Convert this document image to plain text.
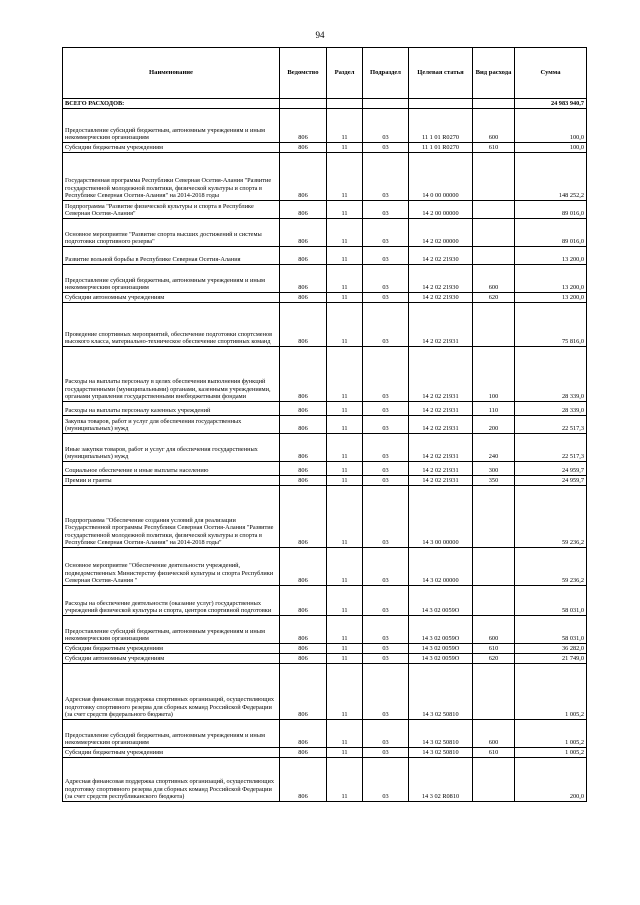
94
Наименование	Ведомство	Раздел	Подраздел	Целевая статья	Вид расхода	Сумма
ВСЕГО РАСХОДОВ:						24 983 940,7
Предоставление субсидий бюджетным, автономным учреждениям и иным некоммерческим организациям	806	11	03	11 1 01 R0270	600	100,0
Субсидии бюджетным учреждениям	806	11	03	11 1 01 R0270	610	100,0
Государственная программа Республики Северная Осетия-Алания "Развитие государственной молодежной политики, физической культуры и спорта в Республике Северная Осетия-Алания" на 2014-2018 годы	806	11	03	14 0 00 00000		148 252,2
Подпрограмма "Развитие физической культуры и спорта в Республике Северная Осетия-Алания"	806	11	03	14 2 00 00000		89 016,0
Основное мероприятие "Развитие спорта высших достижений и системы подготовки спортивного резерва"	806	11	03	14 2 02 00000		89 016,0
Развитие вольной борьбы в Республике Северная Осетия-Алания	806	11	03	14 2 02 21930		13 200,0
Предоставление субсидий бюджетным, автономным учреждениям и иным некоммерческим организациям	806	11	03	14 2 02 21930	600	13 200,0
Субсидии автономным учреждениям	806	11	03	14 2 02 21930	620	13 200,0
Проведение спортивных мероприятий, обеспечение подготовки спортсменов высокого класса, материально-техническое обеспечение спортивных команд	806	11	03	14 2 02 21931		75 816,0
Расходы на выплаты персоналу в целях обеспечения выполнения функций государственными (муниципальными) органами, казенными учреждениями, органами управления государственными внебюджетными фондами	806	11	03	14 2 02 21931	100	28 339,0
Расходы на выплаты персоналу казенных учреждений	806	11	03	14 2 02 21931	110	28 339,0
Закупка товаров, работ и услуг для обеспечения государственных (муниципальных) нужд	806	11	03	14 2 02 21931	200	22 517,3
Иные закупки товаров, работ и услуг для обеспечения государственных (муниципальных) нужд	806	11	03	14 2 02 21931	240	22 517,3
Социальное обеспечение и иные выплаты населению	806	11	03	14 2 02 21931	300	24 959,7
Премии и гранты	806	11	03	14 2 02 21931	350	24 959,7
Подпрограмма "Обеспечение создания условий для реализации Государственной программы Республики Северная Осетия-Алания "Развитие государственной молодежной политики, физической культуры и спорта в Республике Северная Осетия-Алания" на 2014-2018 годы"	806	11	03	14 3 00 00000		59 236,2
Основное мероприятие "Обеспечение деятельности учреждений, подведомственных Министерству физической культуры и спорта Республики Северная Осетия-Алания "	806	11	03	14 3 02 00000		59 236,2
Расходы на обеспечение деятельности (оказание услуг) государственных учреждений физической культуры и спорта, центров спортивной подготовки	806	11	03	14 3 02 0059О		58 031,0
Предоставление субсидий бюджетным, автономным учреждениям и иным некоммерческим организациям	806	11	03	14 3 02 0059О	600	58 031,0
Субсидии бюджетным учреждениям	806	11	03	14 3 02 0059О	610	36 282,0
Субсидии автономным учреждениям	806	11	03	14 3 02 0059О	620	21 749,0
Адресная финансовая поддержка спортивных организаций, осуществляющих подготовку спортивного резерва для сборных команд Российской Федерации (за счет средств федерального бюджета)	806	11	03	14 3 02 50810		1 005,2
Предоставление субсидий бюджетным, автономным учреждениям и иным некоммерческим организациям	806	11	03	14 3 02 50810	600	1 005,2
Субсидии бюджетным учреждениям	806	11	03	14 3 02 50810	610	1 005,2
Адресная финансовая поддержка спортивных организаций, осуществляющих подготовку спортивного резерва для сборных команд Российской Федерации (за счет средств республиканского бюджета)	806	11	03	14 3 02 R0810		200,0
